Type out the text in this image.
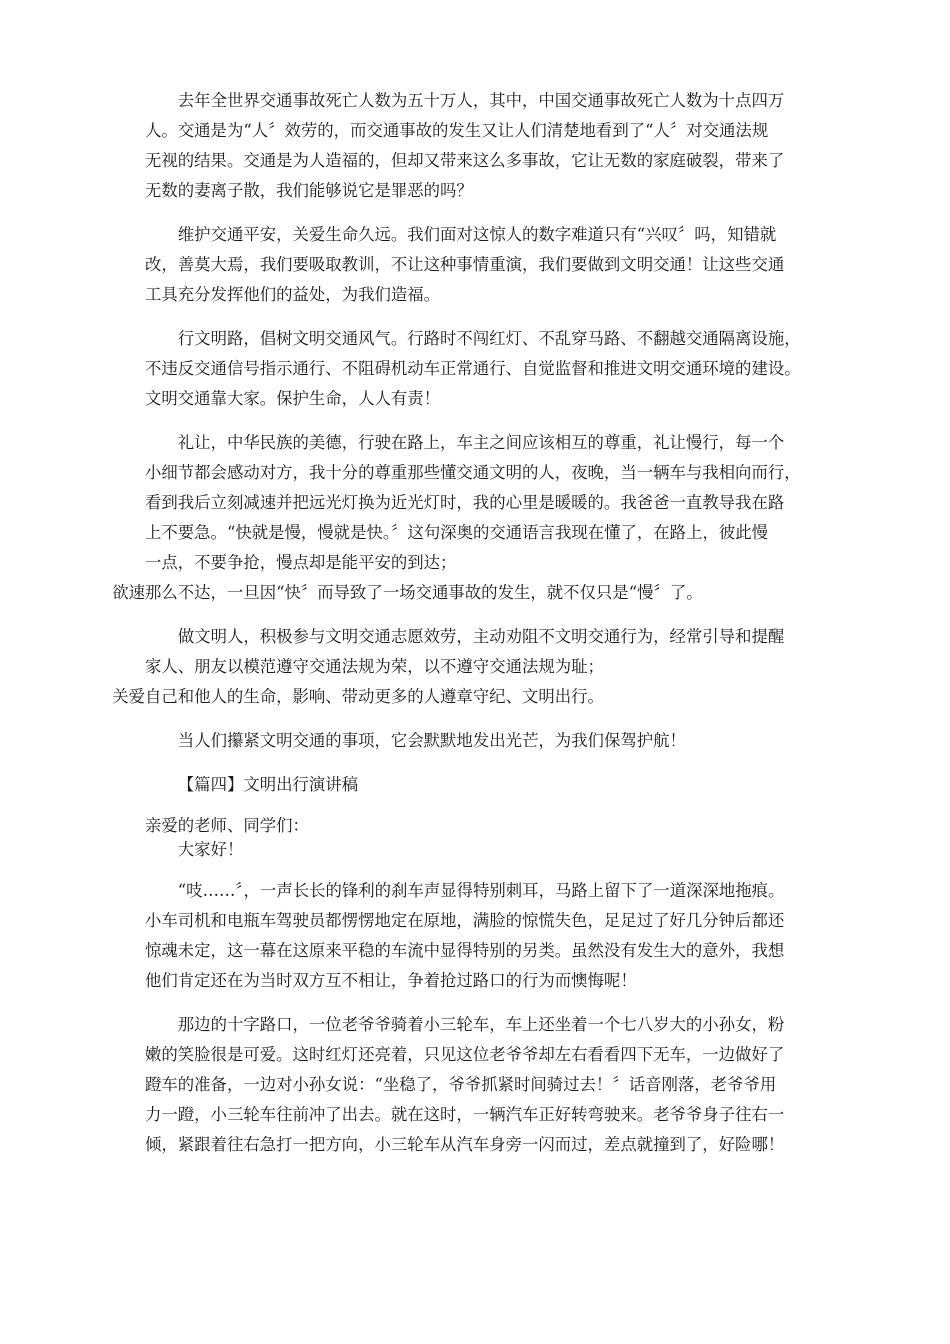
去年全世界交通事故死亡人数为五十万人，其中，中国交通事故死亡人数为十点四万
人。交通是为“人〞效劳的，而交通事故的发生又让人们清楚地看到了“人〞对交通法规
无视的结果。交通是为人造福的，但却又带来这么多事故，它让无数的家庭破裂，带来了
无数的妻离子散，我们能够说它是罪恶的吗？

维护交通平安，关爱生命久远。我们面对这惊人的数字难道只有“兴叹〞吗，知错就
改，善莫大焉，我们要吸取教训，不让这种事情重演，我们要做到文明交通！让这些交通
工具充分发挥他们的益处，为我们造福。

行文明路，倡树文明交通风气。行路时不闯红灯、不乱穿马路、不翻越交通隔离设施，
不违反交通信号指示通行、不阻碍机动车正常通行、自觉监督和推进文明交通环境的建设。
文明交通靠大家。保护生命，人人有责！

礼让，中华民族的美德，行驶在路上，车主之间应该相互的尊重，礼让慢行，每一个
小细节都会感动对方，我十分的尊重那些懂交通文明的人，夜晚，当一辆车与我相向而行，
看到我后立刻减速并把远光灯换为近光灯时，我的心里是暖暖的。我爸爸一直教导我在路
上不要急。“快就是慢，慢就是快。〞这句深奥的交通语言我现在懂了，在路上，彼此慢
一点，不要争抢，慢点却是能平安的到达；
欲速那么不达，一旦因“快〞而导致了一场交通事故的发生，就不仅只是“慢〞了。

做文明人，积极参与文明交通志愿效劳，主动劝阻不文明交通行为，经常引导和提醒
家人、朋友以模范遵守交通法规为荣，以不遵守交通法规为耻；
关爱自己和他人的生命，影响、带动更多的人遵章守纪、文明出行。

当人们攥紧文明交通的事项，它会默默地发出光芒，为我们保驾护航！

【篇四】文明出行演讲稿

亲爱的老师、同学们：

大家好！

“吱……〞，一声长长的锋利的刹车声显得特别刺耳，马路上留下了一道深深地拖痕。
小车司机和电瓶车驾驶员都愣愣地定在原地，满脸的惊慌失色，足足过了好几分钟后都还
惊魂未定，这一幕在这原来平稳的车流中显得特别的另类。虽然没有发生大的意外，我想
他们肯定还在为当时双方互不相让，争着抢过路口的行为而懊悔呢！

那边的十字路口，一位老爷爷骑着小三轮车，车上还坐着一个七八岁大的小孙女，粉
嫩的笑脸很是可爱。这时红灯还亮着，只见这位老爷爷却左右看看四下无车，一边做好了
蹬车的准备，一边对小孙女说：“坐稳了，爷爷抓紧时间骑过去！〞话音刚落，老爷爷用
力一蹬，小三轮车往前冲了出去。就在这时，一辆汽车正好转弯驶来。老爷爷身子往右一
倾，紧跟着往右急打一把方向，小三轮车从汽车身旁一闪而过，差点就撞到了，好险哪！
